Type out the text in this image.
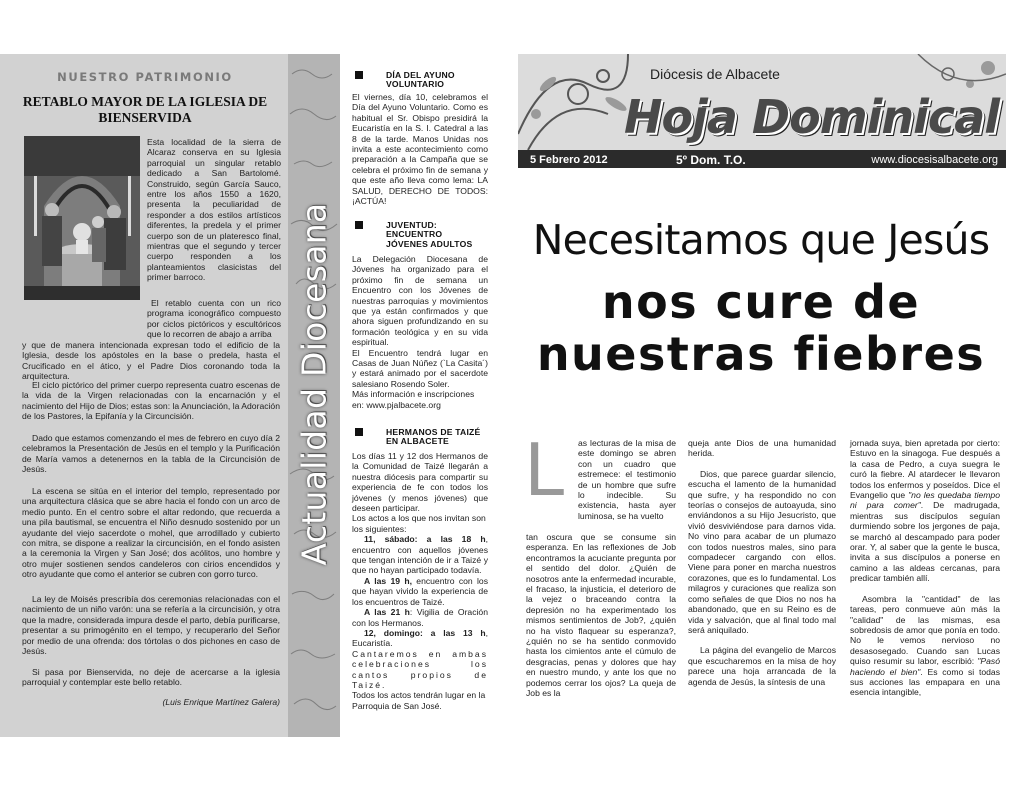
NUESTRO PATRIMONIO
RETABLO MAYOR DE LA IGLESIA DE BIENSERVIDA

Esta localidad de la sierra de Alcaraz conserva en su Iglesia parroquial un singular retablo dedicado a San Bartolomé. Construido, según García Sauco, entre los años 1550 a 1620, presenta la peculiaridad de responder a dos estilos artísticos diferentes, la predela y el primer cuerpo son de un plateresco final, mientras que el segundo y tercer cuerpo responden a los planteamientos clasicistas del primer barroco.

El retablo cuenta con un rico programa iconográfico compuesto por ciclos pictóricos y escultóricos que lo recorren de abajo a arriba

y que de manera intencionada expresan todo el edificio de la Iglesia, desde los apóstoles en la base o predela, hasta el Crucificado en el ático, y el Padre Dios coronando toda la arquitectura.

El ciclo pictórico del primer cuerpo representa cuatro escenas de la vida de la Virgen relacionadas con la encarnación y el nacimiento del Hijo de Dios; estas son: la Anunciación, la Adoración de los Pastores, la Epifanía y la Circuncisión.

Dado que estamos comenzando el mes de febrero en cuyo día 2 celebramos la Presentación de Jesús en el templo y la Purificación de María vamos a detenernos en la tabla de la Circuncisión de Jesús.

La escena se sitúa en el interior del templo, representado por una arquitectura clásica que se abre hacia el fondo con un arco de medio punto. En el centro sobre el altar redondo, que recuerda a una pila bautismal, se encuentra el Niño desnudo sostenido por un ayudante del viejo sacerdote o mohel, que arrodillado y cubierto con mitra, se dispone a realizar la circuncisión, en el fondo asisten a la ceremonia la Virgen y San José; dos acólitos, uno hombre y otro mujer sostienen sendos candeleros con cirios encendidos y otro ayudante que como el anterior se cubren con gorro turco.

La ley de Moisés prescribía dos ceremonias relacionadas con el nacimiento de un niño varón: una se refería a la circuncisión, y otra que la madre, considerada impura desde el parto, debía purificarse, presentar a su primogénito en el tempo, y recuperarlo del Señor por medio de una ofrenda: dos tórtolas o dos pichones en caso de Jesús.

Si pasa por Bienservida, no deje de acercarse a la iglesia parroquial y contemplar este bello retablo.

(Luis Enrique Martínez Galera)

Actualidad Diocesana
DÍA DEL AYUNO VOLUNTARIO

El viernes, día 10, celebramos el Día del Ayuno Voluntario. Como es habitual el Sr. Obispo presidirá la Eucaristía en la S. I. Catedral a las 8 de la tarde. Manos Unidas nos invita a este acontecimiento como preparación a la Campaña que se celebra el próximo fin de semana y que este año lleva como lema: LA SALUD, DERECHO DE TODOS: ¡ACTÚA!

JUVENTUD: ENCUENTRO JÓVENES ADULTOS

La Delegación Diocesana de Jóvenes ha organizado para el próximo fin de semana un Encuentro con los Jóvenes de nuestras parroquias y movimientos que ya están confirmados y que ahora siguen profundizando en su formación teológica y en su vida espiritual.

El Encuentro tendrá lugar en Casas de Juan Núñez (`La Casita´) y estará animado por el sacerdote salesiano Rosendo Soler.

Más información e inscripciones en: www.pjalbacete.org

HERMANOS DE TAIZÉ EN ALBACETE

Los días 11 y 12 dos Hermanos de la Comunidad de Taizé llegarán a nuestra diócesis para compartir su experiencia de fe con todos los jóvenes (y menos jóvenes) que deseen participar.

Los actos a los que nos invitan son los siguientes:

11, sábado: a las 18 h, encuentro con aquellos jóvenes que tengan intención de ir a Taizé y que no hayan participado todavía.

A las 19 h, encuentro con los que hayan vivido la experiencia de los encuentros de Taizé.

A las 21 h: Vigilia de Oración con los Hermanos.

12, domingo: a las 13 h, Eucaristía.

Cantaremos en ambas celebraciones los cantos propios de Taizé.

Todos los actos tendrán lugar en la Parroquia de San José.

Diócesis de Albacete
Hoja Dominical
5 Febrero 2012	5º Dom. T.O.	www.diocesisalbacete.org
Necesitamos que Jesús
nos cure de
nuestras fiebres
L as lecturas de la misa de este domingo se abren con un cuadro que estremece: el testimonio de un hombre que sufre lo indecible. Su existencia, hasta ayer luminosa, se ha vuelto

tan oscura que se consume sin esperanza. En las reflexiones de Job encontramos la acuciante pregunta por el sentido del dolor. ¿Quién de nosotros ante la enfermedad incurable, el fracaso, la injusticia, el deterioro de la vejez o braceando contra la depresión no ha experimentado los mismos sentimientos de Job?, ¿quién no ha visto flaquear su esperanza?, ¿quién no se ha sentido conmovido hasta los cimientos ante el cúmulo de desgracias, penas y dolores que hay en nuestro mundo, y ante los que no podemos cerrar los ojos? La queja de Job es la

queja ante Dios de una humanidad herida.

Dios, que parece guardar silencio, escucha el lamento de la humanidad que sufre, y ha respondido no con teorías o consejos de autoayuda, sino enviándonos a su Hijo Jesucristo, que vivió desviviéndose para darnos vida. No vino para acabar de un plumazo con todos nuestros males, sino para compadecer cargando con ellos. Viene para poner en marcha nuestros corazones, que es lo fundamental. Los milagros y curaciones que realiza son como señales de que Dios no nos ha abandonado, que en su Reino es de vida y salvación, que al final todo mal será aniquilado.

La página del evangelio de Marcos que escucharemos en la misa de hoy parece una hoja arrancada de la agenda de Jesús, la síntesis de una

jornada suya, bien apretada por cierto: Estuvo en la sinagoga. Fue después a la casa de Pedro, a cuya suegra le curó la fiebre. Al atardecer le llevaron todos los enfermos y poseídos. Dice el Evangelio que "no les quedaba tiempo ni para comer". De madrugada, mientras sus discípulos seguían durmiendo sobre los jergones de paja, se marchó al descampado para poder orar. Y, al saber que la gente le busca, invita a sus discípulos a ponerse en camino a las aldeas cercanas, para predicar también allí.

Asombra la "cantidad" de las tareas, pero conmueve aún más la "calidad" de las mismas, esa sobredosis de amor que ponía en todo. No le vemos nervioso no desasosegado. Cuando san Lucas quiso resumir su labor, escribió: "Pasó haciendo el bien". Es como si todas sus acciones las empapara en una esencia intangible,
